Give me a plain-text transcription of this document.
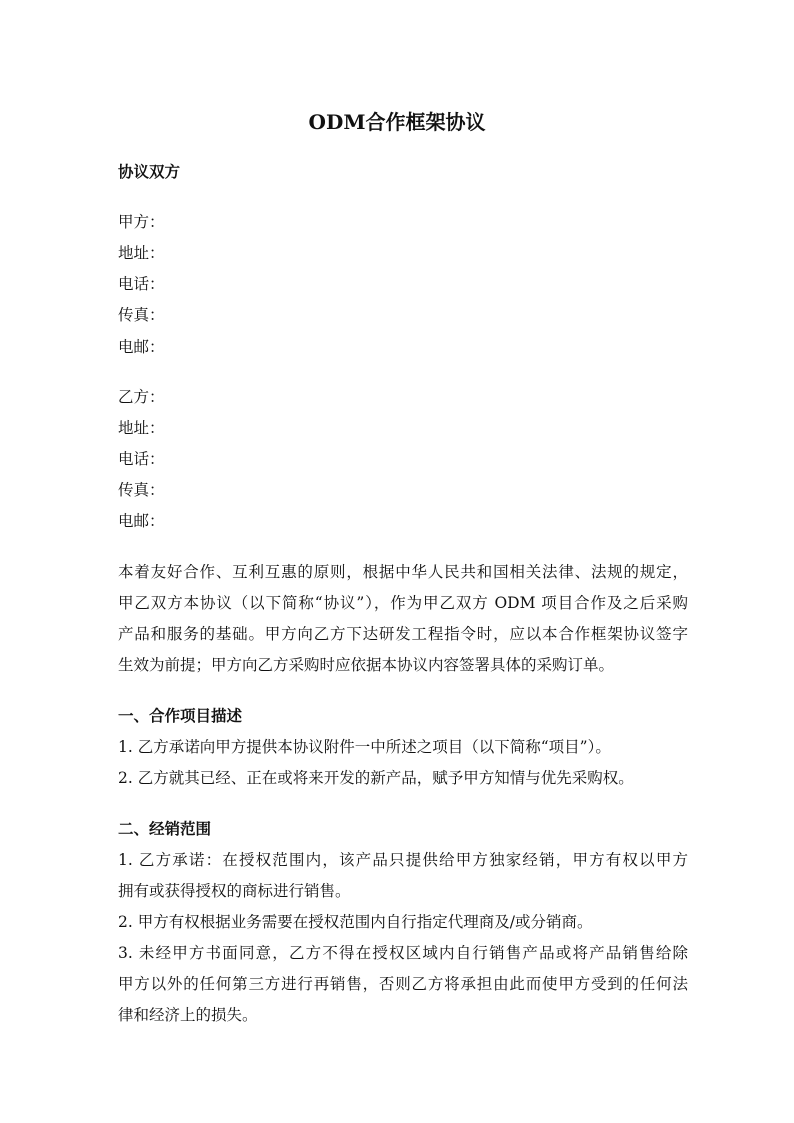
ODM合作框架协议
协议双方
甲方：
地址：
电话：
传真：
电邮：
乙方：
地址：
电话：
传真：
电邮：
本着友好合作、互利互惠的原则，根据中华人民共和国相关法律、法规的规定，
甲乙双方本协议（以下简称“协议”），作为甲乙双方 ODM 项目合作及之后采购
产品和服务的基础。甲方向乙方下达研发工程指令时，应以本合作框架协议签字
生效为前提；甲方向乙方采购时应依据本协议内容签署具体的采购订单。
一、合作项目描述
1. 乙方承诺向甲方提供本协议附件一中所述之项目（以下简称“项目”）。
2. 乙方就其已经、正在或将来开发的新产品，赋予甲方知情与优先采购权。
二、经销范围
1. 乙方承诺：在授权范围内，该产品只提供给甲方独家经销，甲方有权以甲方
拥有或获得授权的商标进行销售。
2. 甲方有权根据业务需要在授权范围内自行指定代理商及/或分销商。
3. 未经甲方书面同意，乙方不得在授权区域内自行销售产品或将产品销售给除
甲方以外的任何第三方进行再销售，否则乙方将承担由此而使甲方受到的任何法
律和经济上的损失。
